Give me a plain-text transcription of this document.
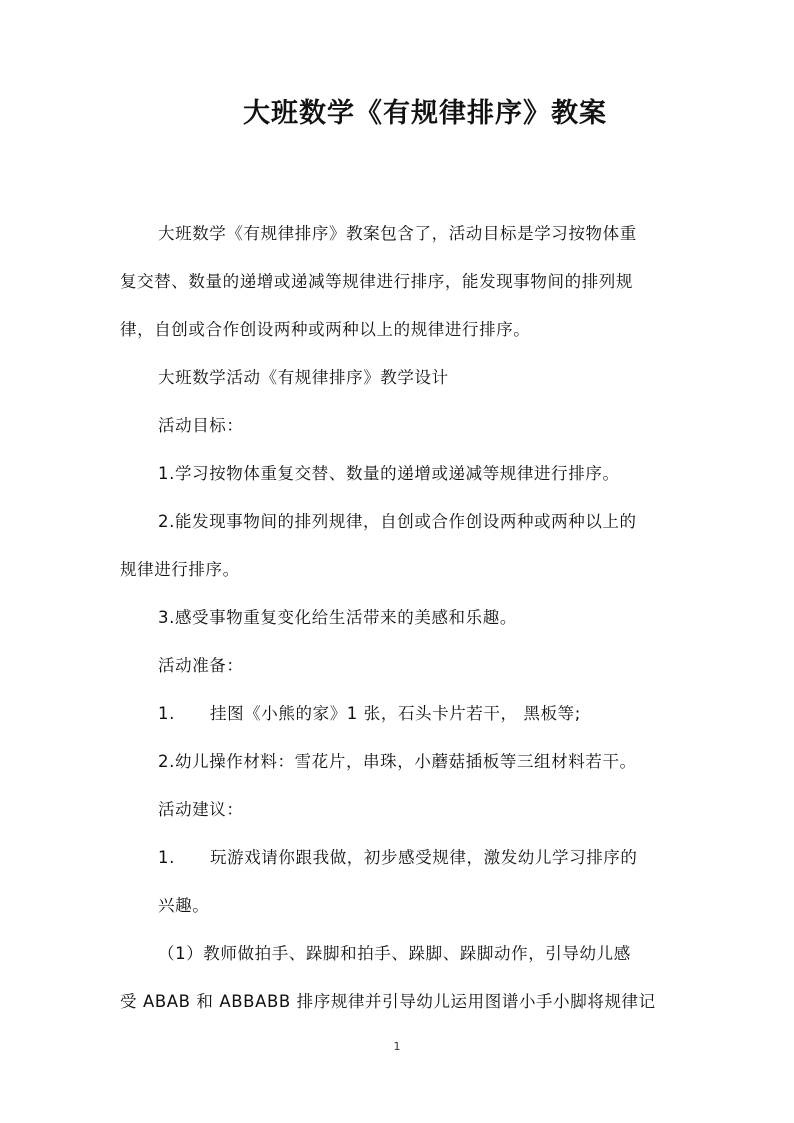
大班数学《有规律排序》教案

大班数学《有规律排序》教案包含了，活动目标是学习按物体重

复交替、数量的递增或递减等规律进行排序，能发现事物间的排列规

律，自创或合作创设两种或两种以上的规律进行排序。

大班数学活动《有规律排序》教学设计

活动目标：

1.学习按物体重复交替、数量的递增或递减等规律进行排序。

2.能发现事物间的排列规律，自创或合作创设两种或两种以上的

规律进行排序。

3.感受事物重复变化给生活带来的美感和乐趣。

活动准备：

1.	挂图《小熊的家》1 张，石头卡片若干， 黑板等;

2.幼儿操作材料：雪花片，串珠，小蘑菇插板等三组材料若干。

活动建议：

1.	玩游戏请你跟我做，初步感受规律，激发幼儿学习排序的

兴趣。

（1）教师做拍手、跺脚和拍手、跺脚、跺脚动作，引导幼儿感

受 ABAB 和 ABBABB 排序规律并引导幼儿运用图谱小手小脚将规律记

1
